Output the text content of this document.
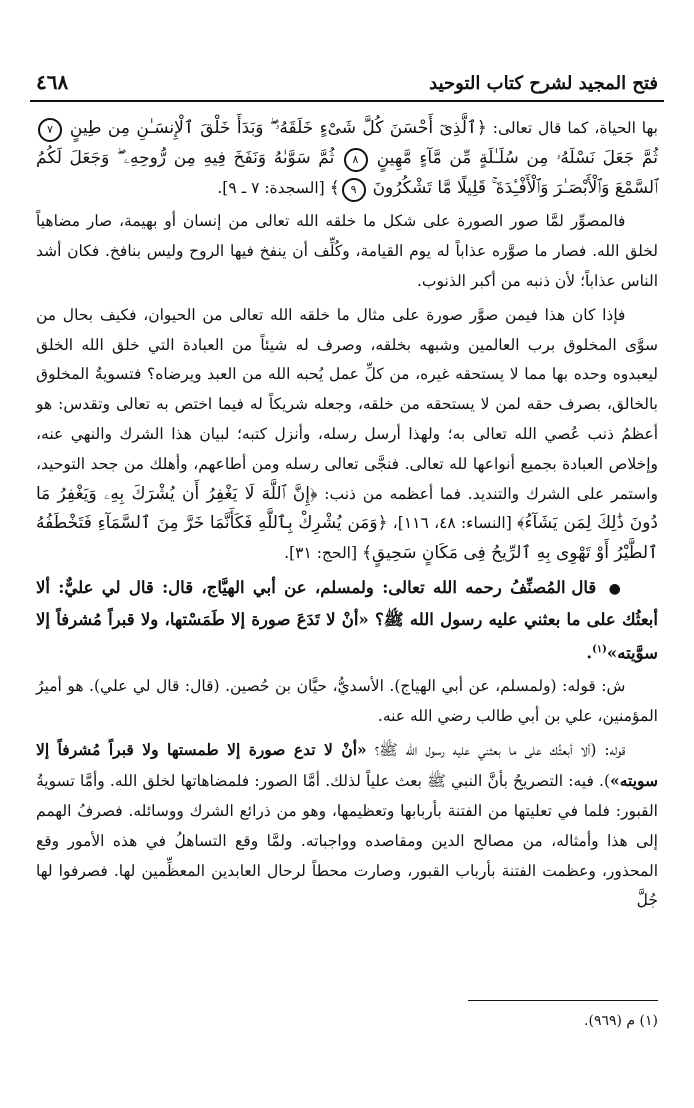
فتح المجيد لشرح كتاب التوحيد
٤٦٨

بها الحياة، كما قال تعالى: ﴿ٱلَّذِىٓ أَحْسَنَ كُلَّ شَىْءٍ خَلَقَهُۥ ۖ وَبَدَأَ خَلْقَ ٱلْإِنسَـٰنِ مِن طِينٍ ٧ ثُمَّ جَعَلَ نَسْلَهُۥ مِن سُلَـٰلَةٍ مِّن مَّآءٍ مَّهِينٍ ٨ ثُمَّ سَوَّىٰهُ وَنَفَخَ فِيهِ مِن رُّوحِهِۦ ۖ وَجَعَلَ لَكُمُ ٱلسَّمْعَ وَٱلْأَبْصَـٰرَ وَٱلْأَفْـِٔدَةَ ۚ قَلِيلًا مَّا تَشْكُرُونَ ٩﴾ [السجدة: ٧ ـ ٩].

فالمصوِّر لمَّا صور الصورة على شكل ما خلقه الله تعالى من إنسان أو بهيمة، صار مضاهياً لخلق الله. فصار ما صوَّره عذاباً له يوم القيامة، وكُلِّف أن ينفخ فيها الروح وليس بنافخ. فكان أشد الناس عذاباً؛ لأن ذنبه من أكبر الذنوب.

فإذا كان هذا فيمن صوَّر صورة على مثال ما خلقه الله تعالى من الحيوان، فكيف بحال من سوَّى المخلوق برب العالمين وشبهه بخلقه، وصرف له شيئاً من العبادة التي خلق الله الخلق ليعبدوه وحده بها مما لا يستحقه غيره، من كلِّ عمل يُحبه الله من العبد ويرضاه؟ فتسويةُ المخلوق بالخالق، بصرف حقه لمن لا يستحقه من خلقه، وجعله شريكاً له فيما اختص به تعالى وتقدس: هو أعظمُ ذنب عُصي الله تعالى به؛ ولهذا أرسل رسله، وأنزل كتبه؛ لبيان هذا الشرك والنهي عنه، وإخلاص العبادة بجميع أنواعها لله تعالى. فنجَّى تعالى رسله ومن أطاعهم، وأهلك من جحد التوحيد، واستمر على الشرك والتنديد. فما أعظمه من ذنب: ﴿إِنَّ ٱللَّهَ لَا يَغْفِرُ أَن يُشْرَكَ بِهِۦ وَيَغْفِرُ مَا دُونَ ذَٰلِكَ لِمَن يَشَآءُ﴾ [النساء: ٤٨، ١١٦]، ﴿وَمَن يُشْرِكْ بِٱللَّهِ فَكَأَنَّمَا خَرَّ مِنَ ٱلسَّمَآءِ فَتَخْطَفُهُ ٱلطَّيْرُ أَوْ تَهْوِى بِهِ ٱلرِّيحُ فِى مَكَانٍ سَحِيقٍ﴾ [الحج: ٣١].

● قال المُصنِّفُ رحمه الله تعالى: ولمسلم، عن أبي الهيَّاج، قال: قال لي عليٌّ: ألا أبعثُك على ما بعثني عليه رسول الله ﷺ؟ «أنْ لا تَدَعَ صورة إلا طَمَسْتها، ولا قبراً مُشرفاً إلا سوَّيته»$^{(١)}$.

ش: قوله: (ولمسلم، عن أبي الهياج). الأسديُّ، حيَّان بن حُصين. (قال: قال لي علي). هو أميرُ المؤمنين، علي بن أبي طالب رضي الله عنه.

قوله: (ألا أبعثُك على ما بعثني عليه رسول الله ﷺ؟ «أنْ لا تدع صورة إلا طمستها ولا قبراً مُشرفاً إلا سويته»). فيه: التصريحُ بأنَّ النبي ﷺ بعث علياً لذلك. أمَّا الصور: فلمضاهاتها لخلق الله. وأمَّا تسويةُ القبور: فلما في تعليتها من الفتنة بأربابها وتعظيمها، وهو من ذرائع الشرك ووسائله. فصرفُ الهمم إلى هذا وأمثاله، من مصالح الدين ومقاصده وواجباته. ولمَّا وقع التساهلُ في هذه الأمور وقع المحذور، وعظمت الفتنة بأرباب القبور، وصارت محطاً لرحال العابدين المعظِّمين لها. فصرفوا لها جُلَّ

(١) م (٩٦٩).
